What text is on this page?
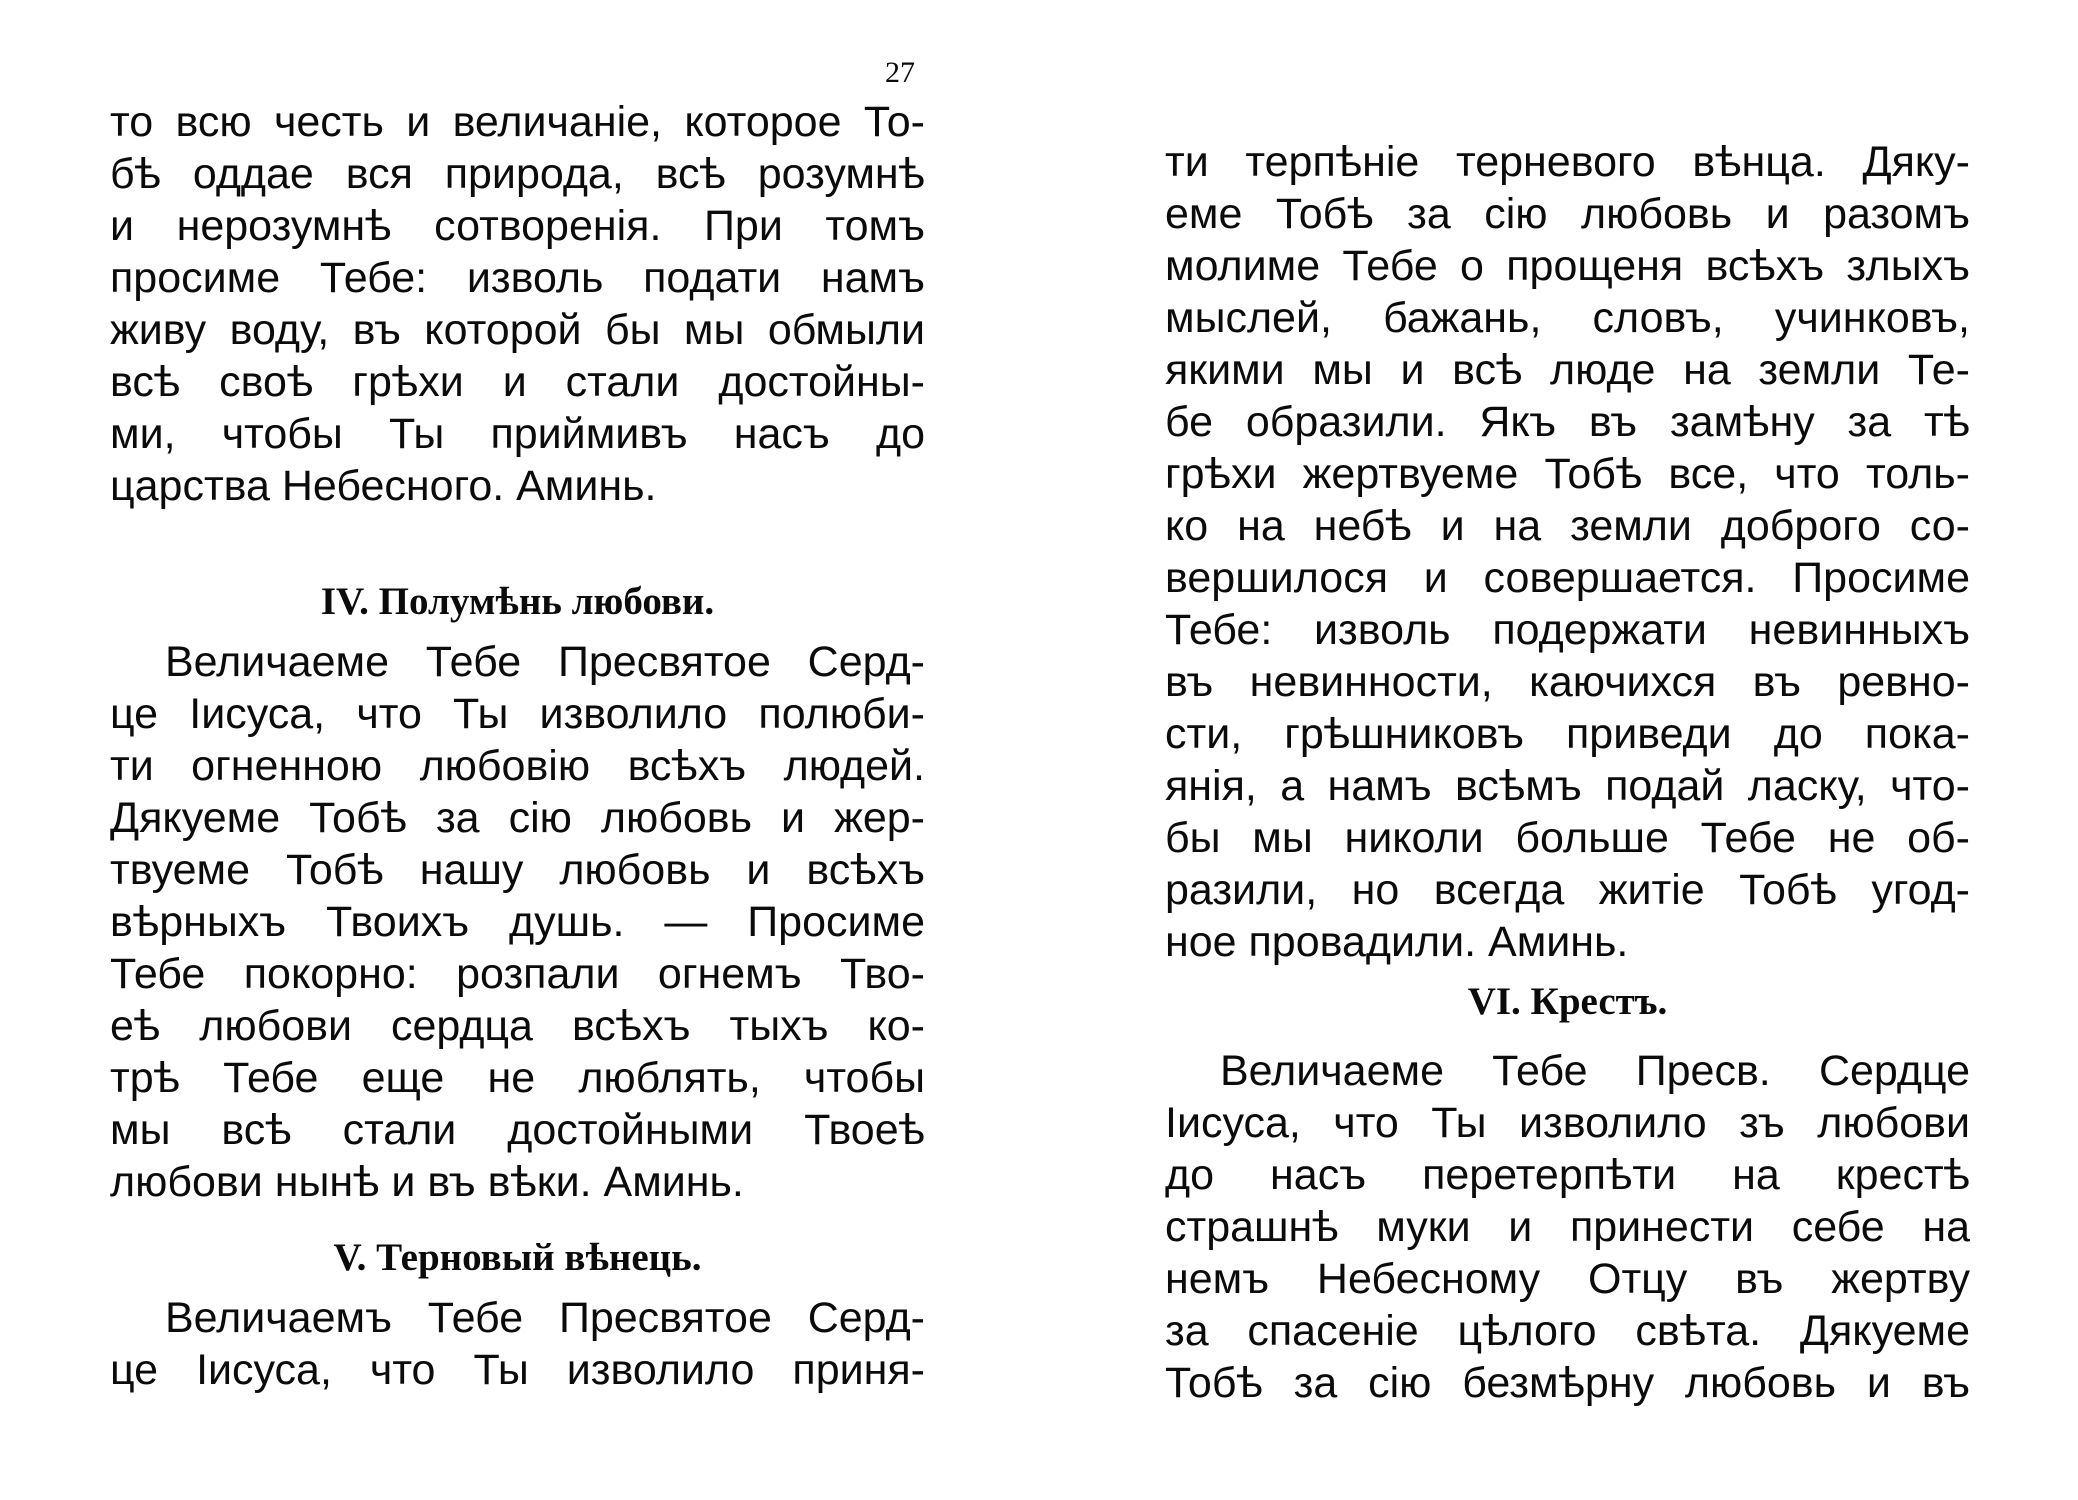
27
то всю честь и величанiе, которое То-
бѣ оддае вся природа, всѣ розумнѣ
и нерозумнѣ сотворенiя. При томъ
просиме Тебе: изволь подати намъ
живу воду, въ которой бы мы обмыли
всѣ своѣ грѣхи и стали достойны-
ми, чтобы Ты приймивъ насъ до
царства Небесного. Аминь.
IV. Полумѣнь любови.
Величаеме Тебе Пресвятое Серд-
це Iисуса, что Ты изволило полюби-
ти огненною любовiю всѣхъ людей.
Дякуеме Тобѣ за сiю любовь и жер-
твуеме Тобѣ нашу любовь и всѣхъ
вѣрныхъ Твоихъ душь. — Просиме
Тебе покорно: розпали огнемъ Тво-
еѣ любови сердца всѣхъ тыхъ ко-
трѣ Тебе еще не люблять, чтобы
мы всѣ стали достойными Твоеѣ
любови нынѣ и въ вѣки. Аминь.
V. Терновый вѣнець.
Величаемъ Тебе Пресвятое Серд-
це Iисуса, что Ты изволило приня-
ти терпѣнiе терневого вѣнца. Дяку-
еме Тобѣ за сiю любовь и разомъ
молиме Тебе о прощеня всѣхъ злыхъ
мыслей, бажань, словъ, учинковъ,
якими мы и всѣ люде на земли Те-
бе образили. Якъ въ замѣну за тѣ
грѣхи жертвуеме Тобѣ все, что толь-
ко на небѣ и на земли доброго со-
вершилося и совершается. Просиме
Тебе: изволь подержати невинныхъ
въ невинности, каючихся въ ревно-
сти, грѣшниковъ приведи до пока-
янiя, а намъ всѣмъ подай ласку, что-
бы мы николи больше Тебе не об-
разили, но всегда житiе Тобѣ угод-
ное провадили. Аминь.
VI. Крестъ.
Величаеме Тебе Пресв. Сердце
Iисуса, что Ты изволило зъ любови
до насъ перетерпѣти на крестѣ
страшнѣ муки и принести себе на
немъ Небесному Отцу въ жертву
за спасенiе цѣлого свѣта. Дякуеме
Тобѣ за сiю безмѣрну любовь и въ
